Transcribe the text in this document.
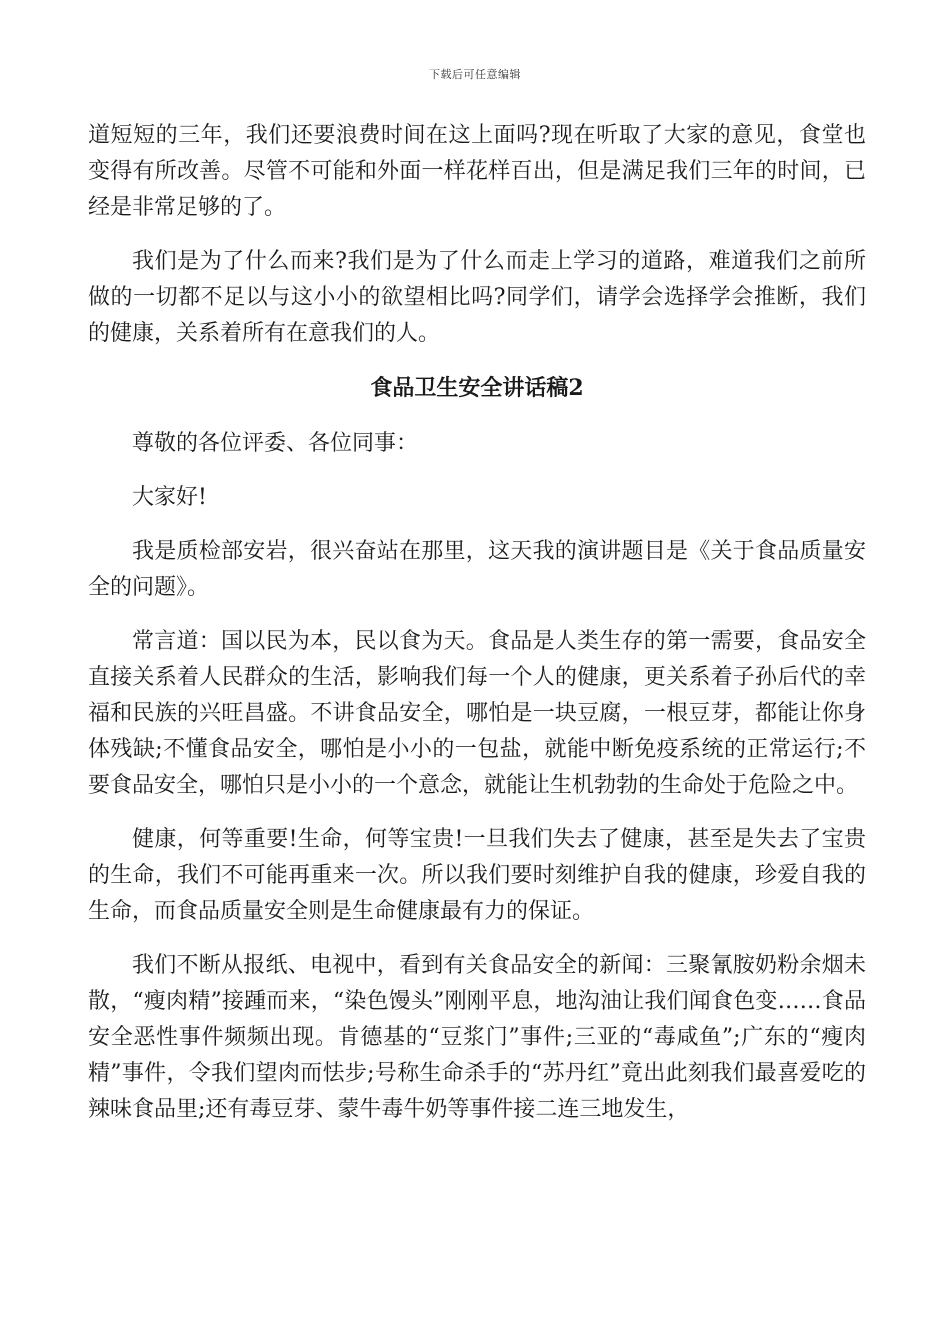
下载后可任意编辑

道短短的三年，我们还要浪费时间在这上面吗?现在听取了大家的意见，食堂也变得有所改善。尽管不可能和外面一样花样百出，但是满足我们三年的时间，已经是非常足够的了。

我们是为了什么而来?我们是为了什么而走上学习的道路，难道我们之前所做的一切都不足以与这小小的欲望相比吗?同学们，请学会选择学会推断，我们的健康，关系着所有在意我们的人。

食品卫生安全讲话稿2

尊敬的各位评委、各位同事：

大家好!

我是质检部安岩，很兴奋站在那里，这天我的演讲题目是《关于食品质量安全的问题》。

常言道：国以民为本，民以食为天。食品是人类生存的第一需要，食品安全直接关系着人民群众的生活，影响我们每一个人的健康，更关系着子孙后代的幸福和民族的兴旺昌盛。不讲食品安全，哪怕是一块豆腐，一根豆芽，都能让你身体残缺;不懂食品安全，哪怕是小小的一包盐，就能中断免疫系统的正常运行;不要食品安全，哪怕只是小小的一个意念，就能让生机勃勃的生命处于危险之中。

健康，何等重要!生命，何等宝贵!一旦我们失去了健康，甚至是失去了宝贵的生命，我们不可能再重来一次。所以我们要时刻维护自我的健康，珍爱自我的生命，而食品质量安全则是生命健康最有力的保证。

我们不断从报纸、电视中，看到有关食品安全的新闻：三聚氰胺奶粉余烟未散，“瘦肉精”接踵而来，“染色馒头”刚刚平息，地沟油让我们闻食色变……食品安全恶性事件频频出现。肯德基的“豆浆门”事件;三亚的“毒咸鱼”;广东的“瘦肉精”事件，令我们望肉而怯步;号称生命杀手的“苏丹红”竟出此刻我们最喜爱吃的辣味食品里;还有毒豆芽、蒙牛毒牛奶等事件接二连三地发生，
